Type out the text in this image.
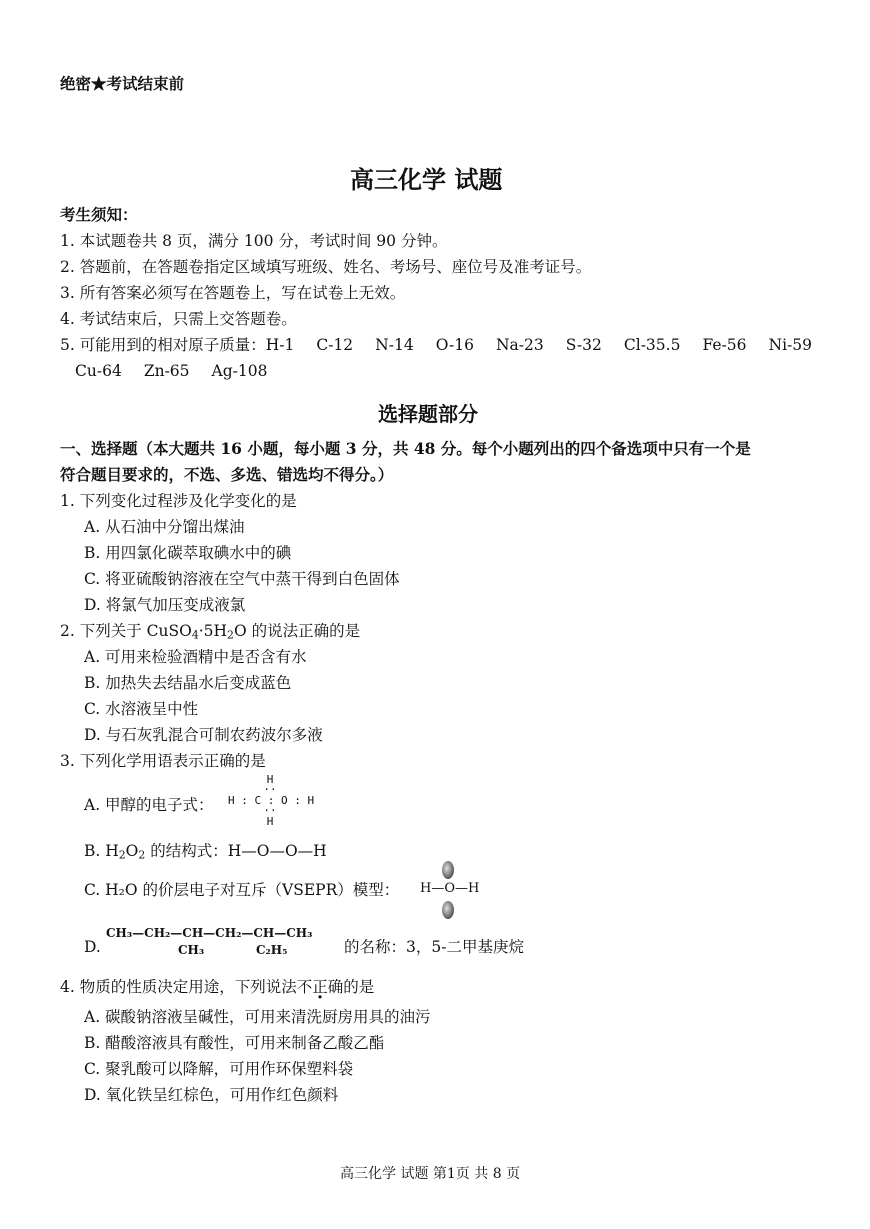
绝密★考试结束前
高三化学 试题
考生须知：
1. 本试题卷共 8 页，满分 100 分，考试时间 90 分钟。
2. 答题前，在答题卷指定区域填写班级、姓名、考场号、座位号及准考证号。
3. 所有答案必须写在答题卷上，写在试卷上无效。
4. 考试结束后，只需上交答题卷。
5. 可能用到的相对原子质量：H-1 C-12 N-14 O-16 Na-23 S-32 Cl-35.5 Fe-56 Ni-59
Cu-64 Zn-65 Ag-108
选择题部分
一、选择题（本大题共 16 小题，每小题 3 分，共 48 分。每个小题列出的四个备选项中只有一个是
符合题目要求的，不选、多选、错选均不得分。）
1. 下列变化过程涉及化学变化的是
A. 从石油中分馏出煤油
B. 用四氯化碳萃取碘水中的碘
C. 将亚硫酸钠溶液在空气中蒸干得到白色固体
D. 将氯气加压变成液氯
2. 下列关于 $CuSO_4\cdot 5H_2O$ 的说法正确的是
A. 可用来检验酒精中是否含有水
B. 加热失去结晶水后变成蓝色
C. 水溶液呈中性
D. 与石灰乳混合可制农药波尔多液
3. 下列化学用语表示正确的是
A. 甲醇的电子式：
H
··
H : C : O : H
··
H
B. $H_2O_2$ 的结构式：H—O—O—H
C. H₂O 的价层电子对互斥（VSEPR）模型： H—O—H
D.
CH₃—CH₂—CH—CH₂—CH—CH₃
CH₃	C₂H₅	的名称：3，5-二甲基庚烷
4. 物质的性质决定用途，下列说法不正确的是
A. 碳酸钠溶液呈碱性，可用来清洗厨房用具的油污
B. 醋酸溶液具有酸性，可用来制备乙酸乙酯
C. 聚乳酸可以降解，可用作环保塑料袋
D. 氧化铁呈红棕色，可用作红色颜料
高三化学 试题 第1页 共 8 页
